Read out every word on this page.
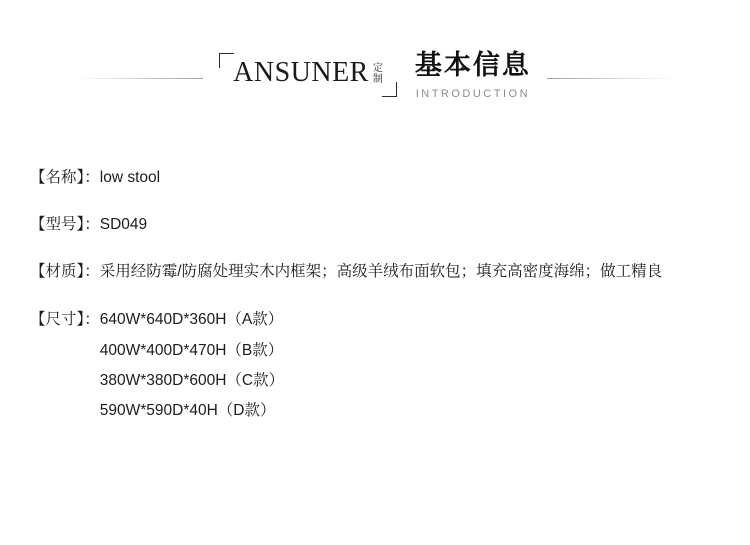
ANSUNER 定
制 基本信息
INTRODUCTION
【名称】：low stool
【型号】：SD049
【材质】：采用经防霉/防腐处理实木内框架；高级羊绒布面软包；填充高密度海绵；做工精良
【尺寸】： 640W*640D*360H（A款）
400W*400D*470H（B款）
380W*380D*600H（C款）
590W*590D*40H（D款）
